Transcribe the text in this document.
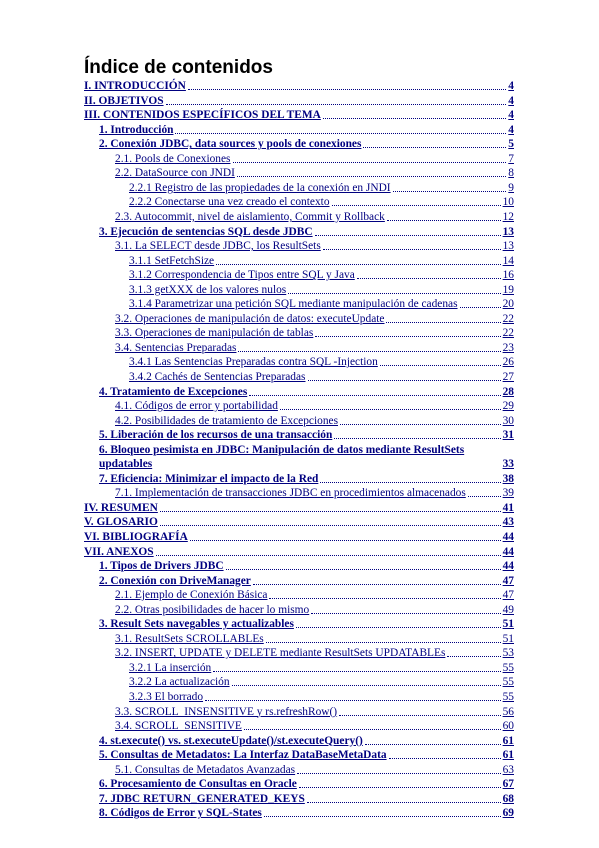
Índice de contenidos
I. INTRODUCCIÓN	4
II. OBJETIVOS	4
III. CONTENIDOS ESPECÍFICOS DEL TEMA	4
1. Introducción	4
2. Conexión JDBC, data sources y pools de conexiones	5
2.1. Pools de Conexiones	7
2.2. DataSource con JNDI	8
2.2.1 Registro de las propiedades de la conexión en JNDI	9
2.2.2 Conectarse una vez creado el contexto	10
2.3. Autocommit, nivel de aislamiento, Commit y Rollback	12
3. Ejecución de sentencias SQL desde JDBC	13
3.1. La SELECT desde JDBC, los ResultSets	13
3.1.1 SetFetchSize	14
3.1.2 Correspondencia de Tipos entre SQL y Java	16
3.1.3 getXXX de los valores nulos	19
3.1.4 Parametrizar una petición SQL mediante manipulación de cadenas	20
3.2. Operaciones de manipulación de datos: executeUpdate	22
3.3. Operaciones de manipulación de tablas	22
3.4. Sentencias Preparadas	23
3.4.1 Las Sentencias Preparadas contra SQL -Injection	26
3.4.2 Cachés de Sentencias Preparadas	27
4. Tratamiento de Excepciones	28
4.1. Códigos de error y portabilidad	29
4.2. Posibilidades de tratamiento de Excepciones	30
5. Liberación de los recursos de una transacción	31
6. Bloqueo pesimista en JDBC: Manipulación de datos mediante ResultSets updatables	33
7. Eficiencia: Minimizar el impacto de la Red	38
7.1. Implementación de transacciones JDBC en procedimientos almacenados	39
IV. RESUMEN	41
V. GLOSARIO	43
VI. BIBLIOGRAFÍA	44
VII. ANEXOS	44
1. Tipos de Drivers JDBC	44
2. Conexión con DriveManager	47
2.1. Ejemplo de Conexión Básica	47
2.2. Otras posibilidades de hacer lo mismo	49
3. Result Sets navegables y actualizables	51
3.1. ResultSets SCROLLABLEs	51
3.2. INSERT, UPDATE y DELETE mediante ResultSets UPDATABLEs	53
3.2.1 La inserción	55
3.2.2 La actualización	55
3.2.3 El borrado	55
3.3. SCROLL_INSENSITIVE y rs.refreshRow()	56
3.4. SCROLL_SENSITIVE	60
4. st.execute() vs. st.executeUpdate()/st.executeQuery()	61
5. Consultas de Metadatos: La Interfaz DataBaseMetaData	61
5.1. Consultas de Metadatos Avanzadas	63
6. Procesamiento de Consultas en Oracle	67
7. JDBC RETURN_GENERATED_KEYS	68
8. Códigos de Error y SQL-States	69
